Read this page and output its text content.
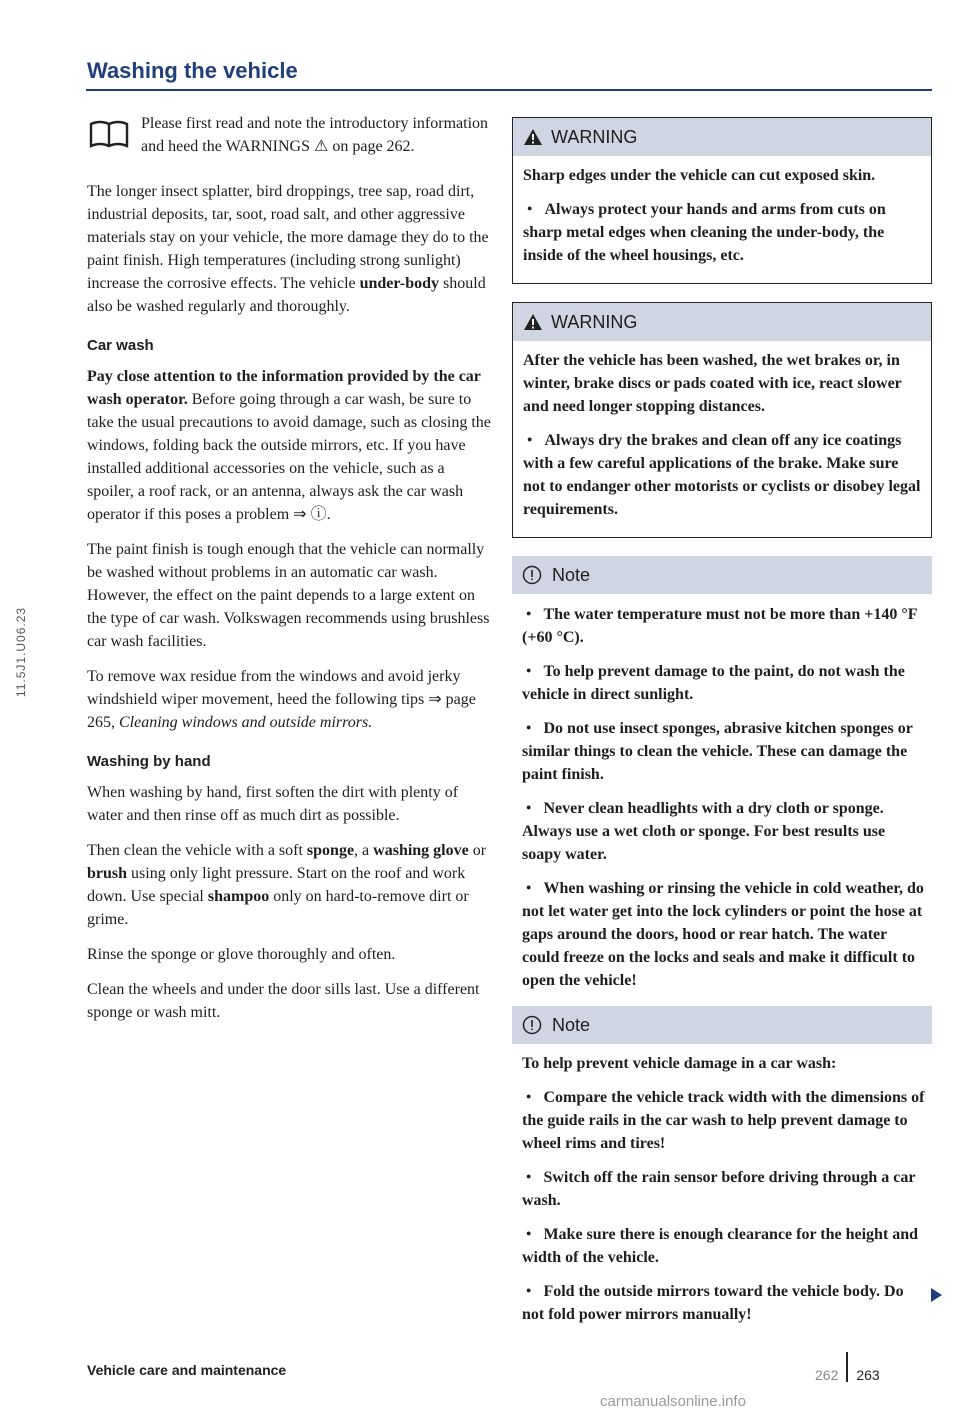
Washing the vehicle
11.5J1.U06.23

Please first read and note the introductory information and heed the WARNINGS ⚠ on page 262.

The longer insect splatter, bird droppings, tree sap, road dirt, industrial deposits, tar, soot, road salt, and other aggressive materials stay on your vehicle, the more damage they do to the paint finish. High temperatures (including strong sunlight) increase the corrosive effects. The vehicle under-body should also be washed regularly and thoroughly.

Car wash

Pay close attention to the information provided by the car wash operator. Before going through a car wash, be sure to take the usual precautions to avoid damage, such as closing the windows, folding back the outside mirrors, etc. If you have installed additional accessories on the vehicle, such as a spoiler, a roof rack, or an antenna, always ask the car wash operator if this poses a problem ⇒ ⓘ.

The paint finish is tough enough that the vehicle can normally be washed without problems in an automatic car wash. However, the effect on the paint depends to a large extent on the type of car wash. Volkswagen recommends using brushless car wash facilities.

To remove wax residue from the windows and avoid jerky windshield wiper movement, heed the following tips ⇒ page 265, Cleaning windows and outside mirrors.

Washing by hand

When washing by hand, first soften the dirt with plenty of water and then rinse off as much dirt as possible.

Then clean the vehicle with a soft sponge, a washing glove or brush using only light pressure. Start on the roof and work down. Use special shampoo only on hard-to-remove dirt or grime.

Rinse the sponge or glove thoroughly and often.

Clean the wheels and under the door sills last. Use a different sponge or wash mitt.

WARNING

Sharp edges under the vehicle can cut exposed skin.

● Always protect your hands and arms from cuts on sharp metal edges when cleaning the under-body, the inside of the wheel housings, etc.

WARNING

After the vehicle has been washed, the wet brakes or, in winter, brake discs or pads coated with ice, react slower and need longer stopping distances.

● Always dry the brakes and clean off any ice coatings with a few careful applications of the brake. Make sure not to endanger other motorists or cyclists or disobey legal requirements.

Note

● The water temperature must not be more than +140 °F (+60 °C).

● To help prevent damage to the paint, do not wash the vehicle in direct sunlight.

● Do not use insect sponges, abrasive kitchen sponges or similar things to clean the vehicle. These can damage the paint finish.

● Never clean headlights with a dry cloth or sponge. Always use a wet cloth or sponge. For best results use soapy water.

● When washing or rinsing the vehicle in cold weather, do not let water get into the lock cylinders or point the hose at gaps around the doors, hood or rear hatch. The water could freeze on the locks and seals and make it difficult to open the vehicle!

Note

To help prevent vehicle damage in a car wash:

● Compare the vehicle track width with the dimensions of the guide rails in the car wash to help prevent damage to wheel rims and tires!

● Switch off the rain sensor before driving through a car wash.

● Make sure there is enough clearance for the height and width of the vehicle.

● Fold the outside mirrors toward the vehicle body. Do not fold power mirrors manually!

Vehicle care and maintenance	262 263
carmanualsonline.info
